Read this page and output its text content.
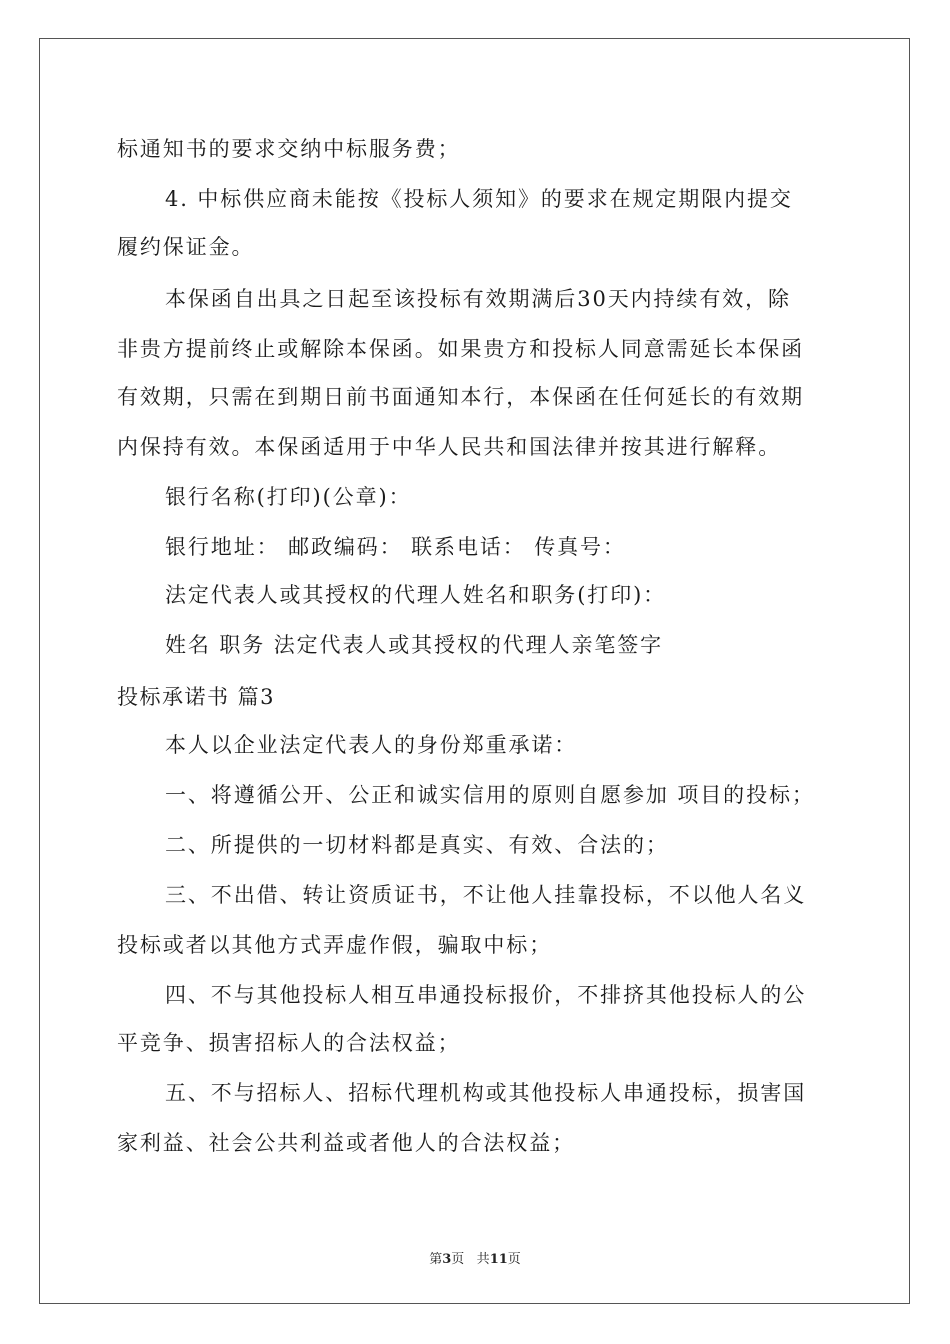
标通知书的要求交纳中标服务费；
4. 中标供应商未能按《投标人须知》的要求在规定期限内提交
履约保证金。
本保函自出具之日起至该投标有效期满后30天内持续有效，除
非贵方提前终止或解除本保函。如果贵方和投标人同意需延长本保函
有效期，只需在到期日前书面通知本行，本保函在任何延长的有效期
内保持有效。本保函适用于中华人民共和国法律并按其进行解释。
银行名称(打印)(公章)：
银行地址： 邮政编码： 联系电话： 传真号：
法定代表人或其授权的代理人姓名和职务(打印)：
姓名 职务 法定代表人或其授权的代理人亲笔签字
投标承诺书 篇3
本人以企业法定代表人的身份郑重承诺：
一、将遵循公开、公正和诚实信用的原则自愿参加 项目的投标；
二、所提供的一切材料都是真实、有效、合法的；
三、不出借、转让资质证书，不让他人挂靠投标，不以他人名义
投标或者以其他方式弄虚作假，骗取中标；
四、不与其他投标人相互串通投标报价，不排挤其他投标人的公
平竞争、损害招标人的合法权益；
五、不与招标人、招标代理机构或其他投标人串通投标，损害国
家利益、社会公共利益或者他人的合法权益；
第3页 共11页
